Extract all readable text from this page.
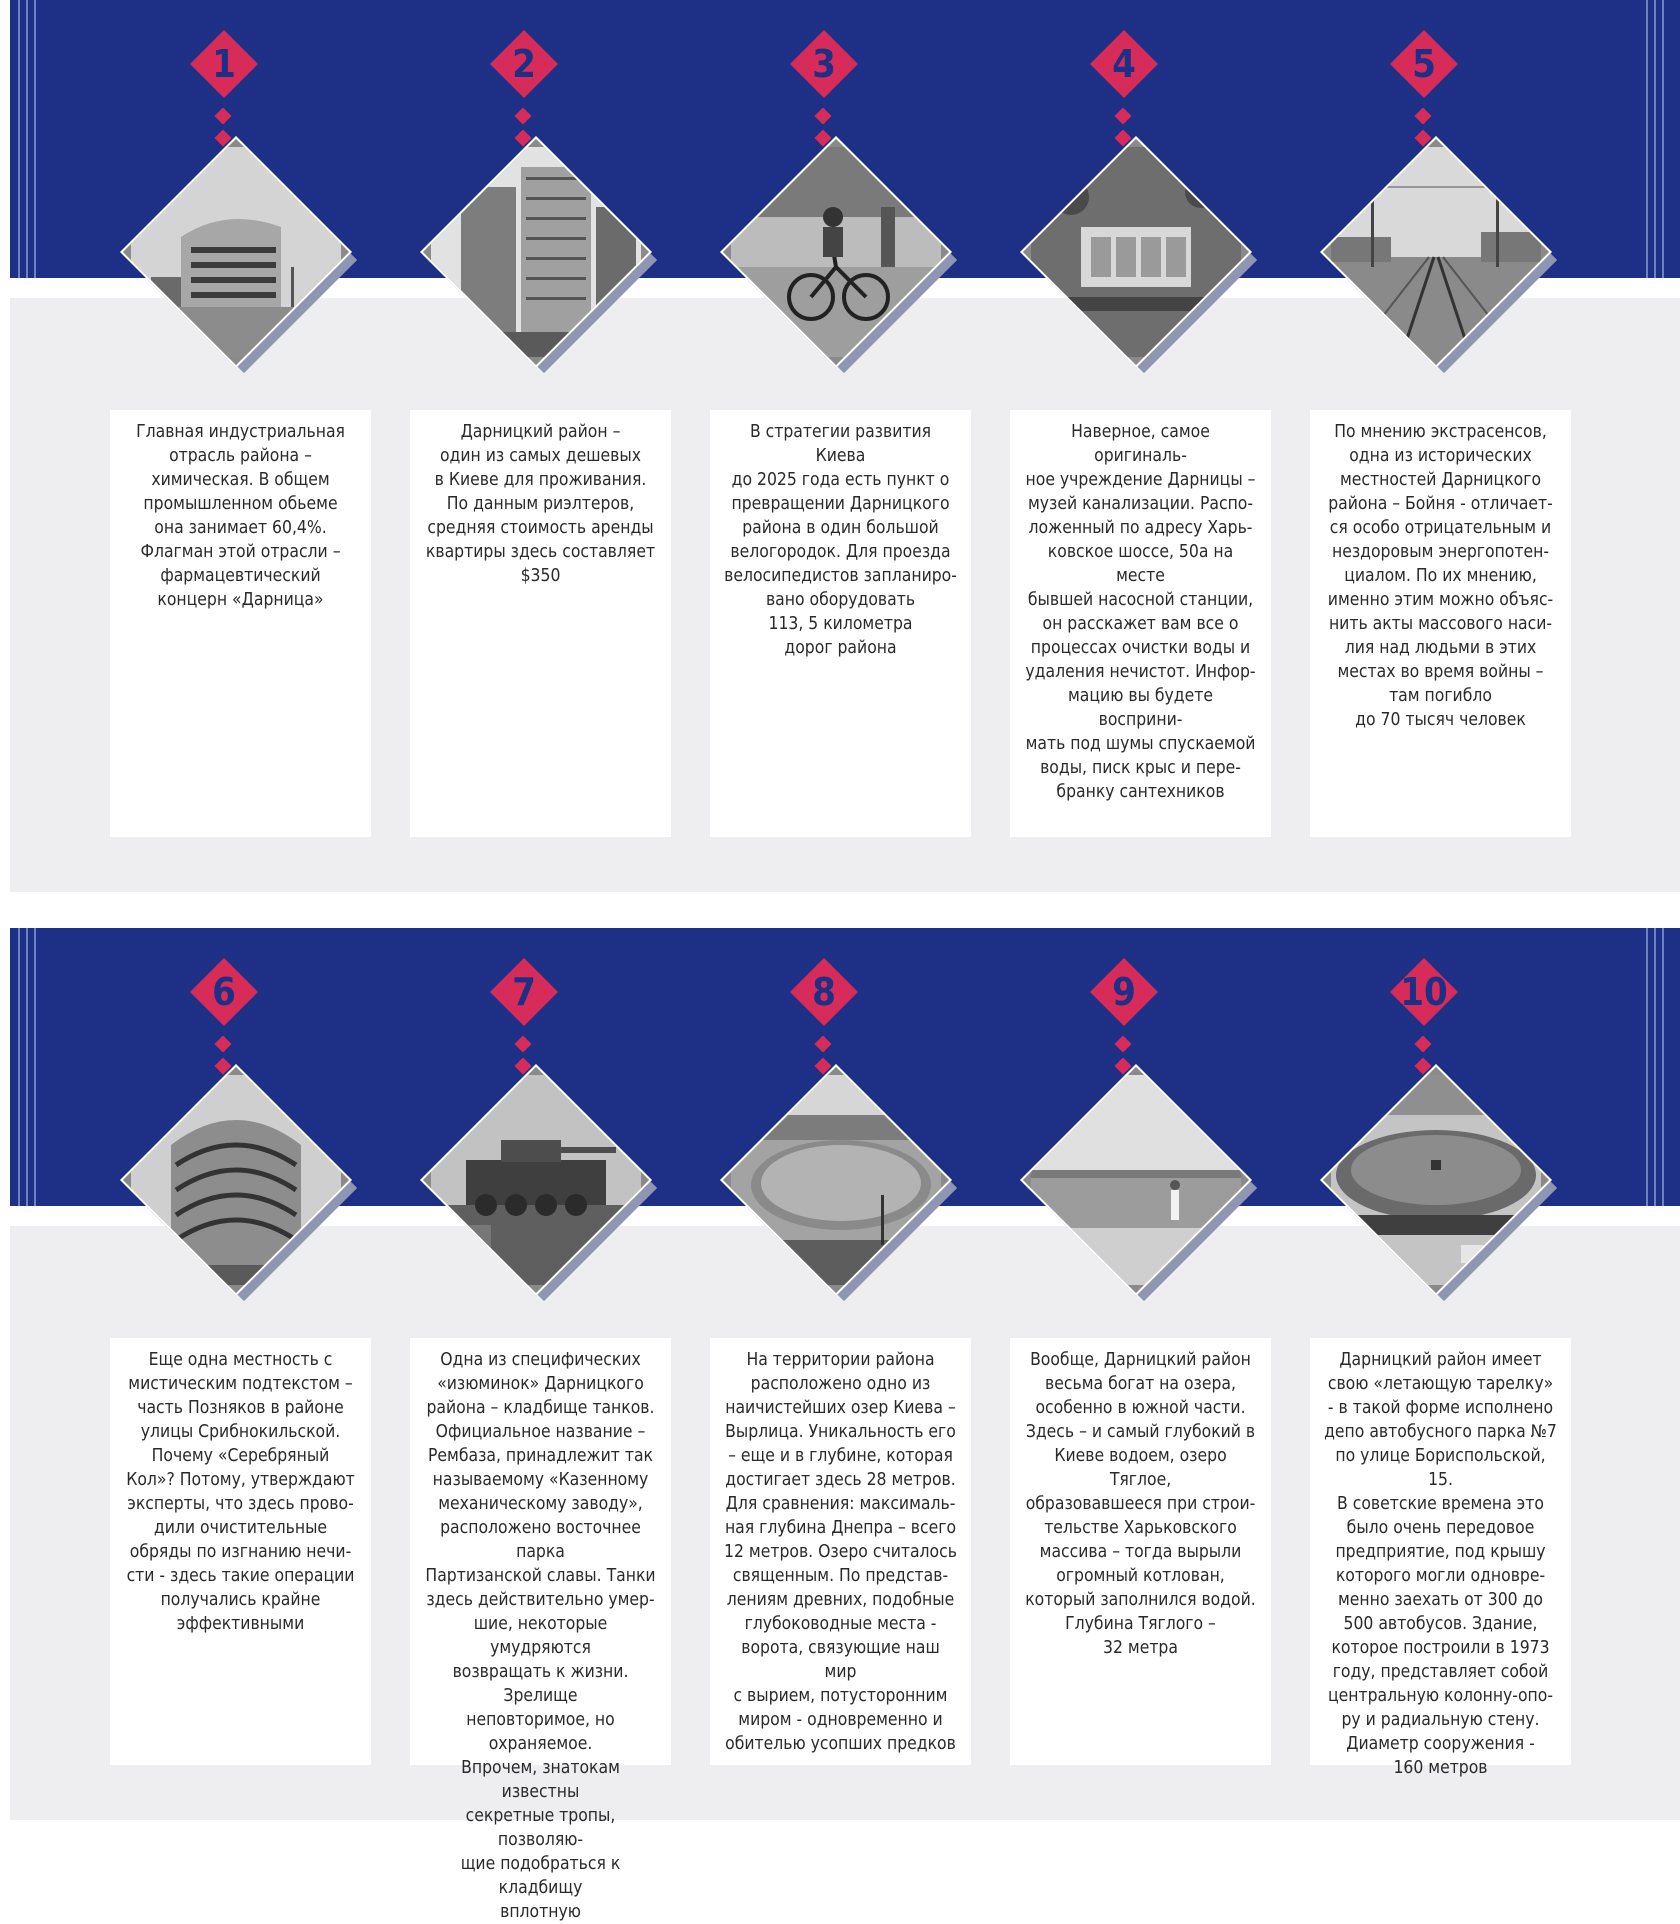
1
Главная индустриальная
отрасль района –
химическая. В общем
промышленном обьеме
она занимает 60,4%.
Флагман этой отрасли –
фармацевтический
концерн «Дарница»
2
Дарницкий район –
один из самых дешевых
в Киеве для проживания.
По данным риэлтеров,
средняя стоимость аренды
квартиры здесь составляет
$350
3
В стратегии развития Киева
до 2025 года есть пункт о
превращении Дарницкого
района в один большой
велогородок. Для проезда
велосипедистов запланиро-
вано оборудовать
113, 5 километра
дорог района
4
Наверное, самое оригиналь-
ное учреждение Дарницы –
музей канализации. Распо-
ложенный по адресу Харь-
ковское шоссе, 50а на месте
бывшей насосной станции,
он расскажет вам все о
процессах очистки воды и
удаления нечистот. Инфор-
мацию вы будете восприни-
мать под шумы спускаемой
воды, писк крыс и пере-
бранку сантехников
5
По мнению экстрасенсов,
одна из исторических
местностей Дарницкого
района – Бойня - отличает-
ся особо отрицательным и
нездоровым энергопотен-
циалом. По их мнению,
именно этим можно объяс-
нить акты массового наси-
лия над людьми в этих
местах во время войны –
там погибло
до 70 тысяч человек
6
Еще одна местность с
мистическим подтекстом –
часть Позняков в районе
улицы Срибнокильской.
Почему «Серебряный
Кол»? Потому, утверждают
эксперты, что здесь прово-
дили очистительные
обряды по изгнанию нечи-
сти - здесь такие операции
получались крайне
эффективными
7
Одна из специфических
«изюминок» Дарницкого
района – кладбище танков.
Официальное название –
Рембаза, принадлежит так
называемому «Казенному
механическому заводу»,
расположено восточнее парка
Партизанской славы. Танки
здесь действительно умер-
шие, некоторые умудряются
возвращать к жизни. Зрелище
неповторимое, но охраняемое.
Впрочем, знатокам известны
секретные тропы, позволяю-
щие подобраться к кладбищу
вплотную
8
На территории района
расположено одно из
наичистейших озер Киева –
Вырлица. Уникальность его
– еще и в глубине, которая
достигает здесь 28 метров.
Для сравнения: максималь-
ная глубина Днепра – всего
12 метров. Озеро считалось
священным. По представ-
лениям древних, подобные
глубоководные места -
ворота, связующие наш мир
с вырием, потусторонним
миром - одновременно и
обителью усопших предков
9
Вообще, Дарницкий район
весьма богат на озера,
особенно в южной части.
Здесь – и самый глубокий в
Киеве водоем, озеро Тяглое,
образовавшееся при строи-
тельстве Харьковского
массива – тогда вырыли
огромный котлован,
который заполнился водой.
Глубина Тяглого –
32 метра
10
Дарницкий район имеет
свою «летающую тарелку»
- в такой форме исполнено
депо автобусного парка №7
по улице Бориспольской, 15.
В советские времена это
было очень передовое
предприятие, под крышу
которого могли одновре-
менно заехать от 300 до
500 автобусов. Здание,
которое построили в 1973
году, представляет собой
центральную колонну-опо-
ру и радиальную стену.
Диаметр сооружения -
160 метров
